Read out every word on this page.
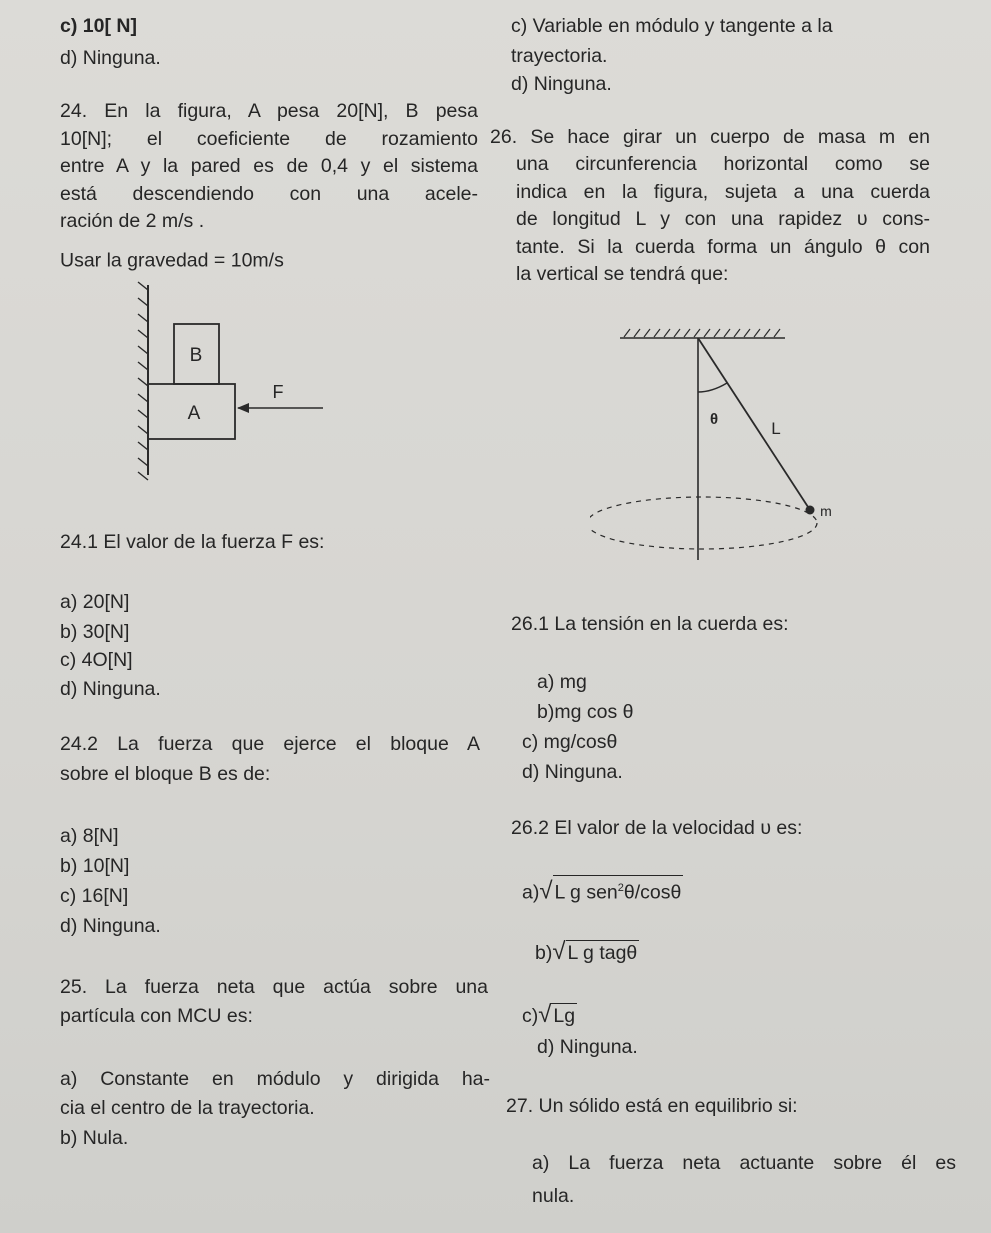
c) 10[ N]
d) Ninguna.
c) Variable en módulo y tangente a la
trayectoria.
d) Ninguna.
24. En la figura, A pesa 20[N], B pesa
10[N]; el coeficiente de rozamiento
entre A y la pared es de 0,4 y el sistema
está descendiendo con una acele-
ración de 2 m/s .
Usar la gravedad = 10m/s
B
A
F
24.1 El valor de la fuerza F es:
a) 20[N]
b) 30[N]
c) 4O[N]
d) Ninguna.
24.2 La fuerza que ejerce el bloque A
sobre el bloque B es de:
a) 8[N]
b) 10[N]
c) 16[N]
d) Ninguna.
25. La fuerza neta que actúa sobre una
partícula con MCU es:
a) Constante en módulo y dirigida ha-
cia el centro de la trayectoria.
b) Nula.
26. Se hace girar un cuerpo de masa m en
una circunferencia horizontal como se
indica en la figura, sujeta a una cuerda
de longitud L y con una rapidez υ cons-
tante. Si la cuerda forma un ángulo θ con
la vertical se tendrá que:
θ	L
m
26.1 La tensión en la cuerda es:
a) mg
b)mg cos θ
c) mg/cosθ
d) Ninguna.
26.2 El valor de la velocidad υ es:
a)√ L g sen$^2$θ/cosθ
b)√ L g tagθ
c)√ Lg
d) Ninguna.
27. Un sólido está en equilibrio si:
a) La fuerza neta actuante sobre él es
nula.
